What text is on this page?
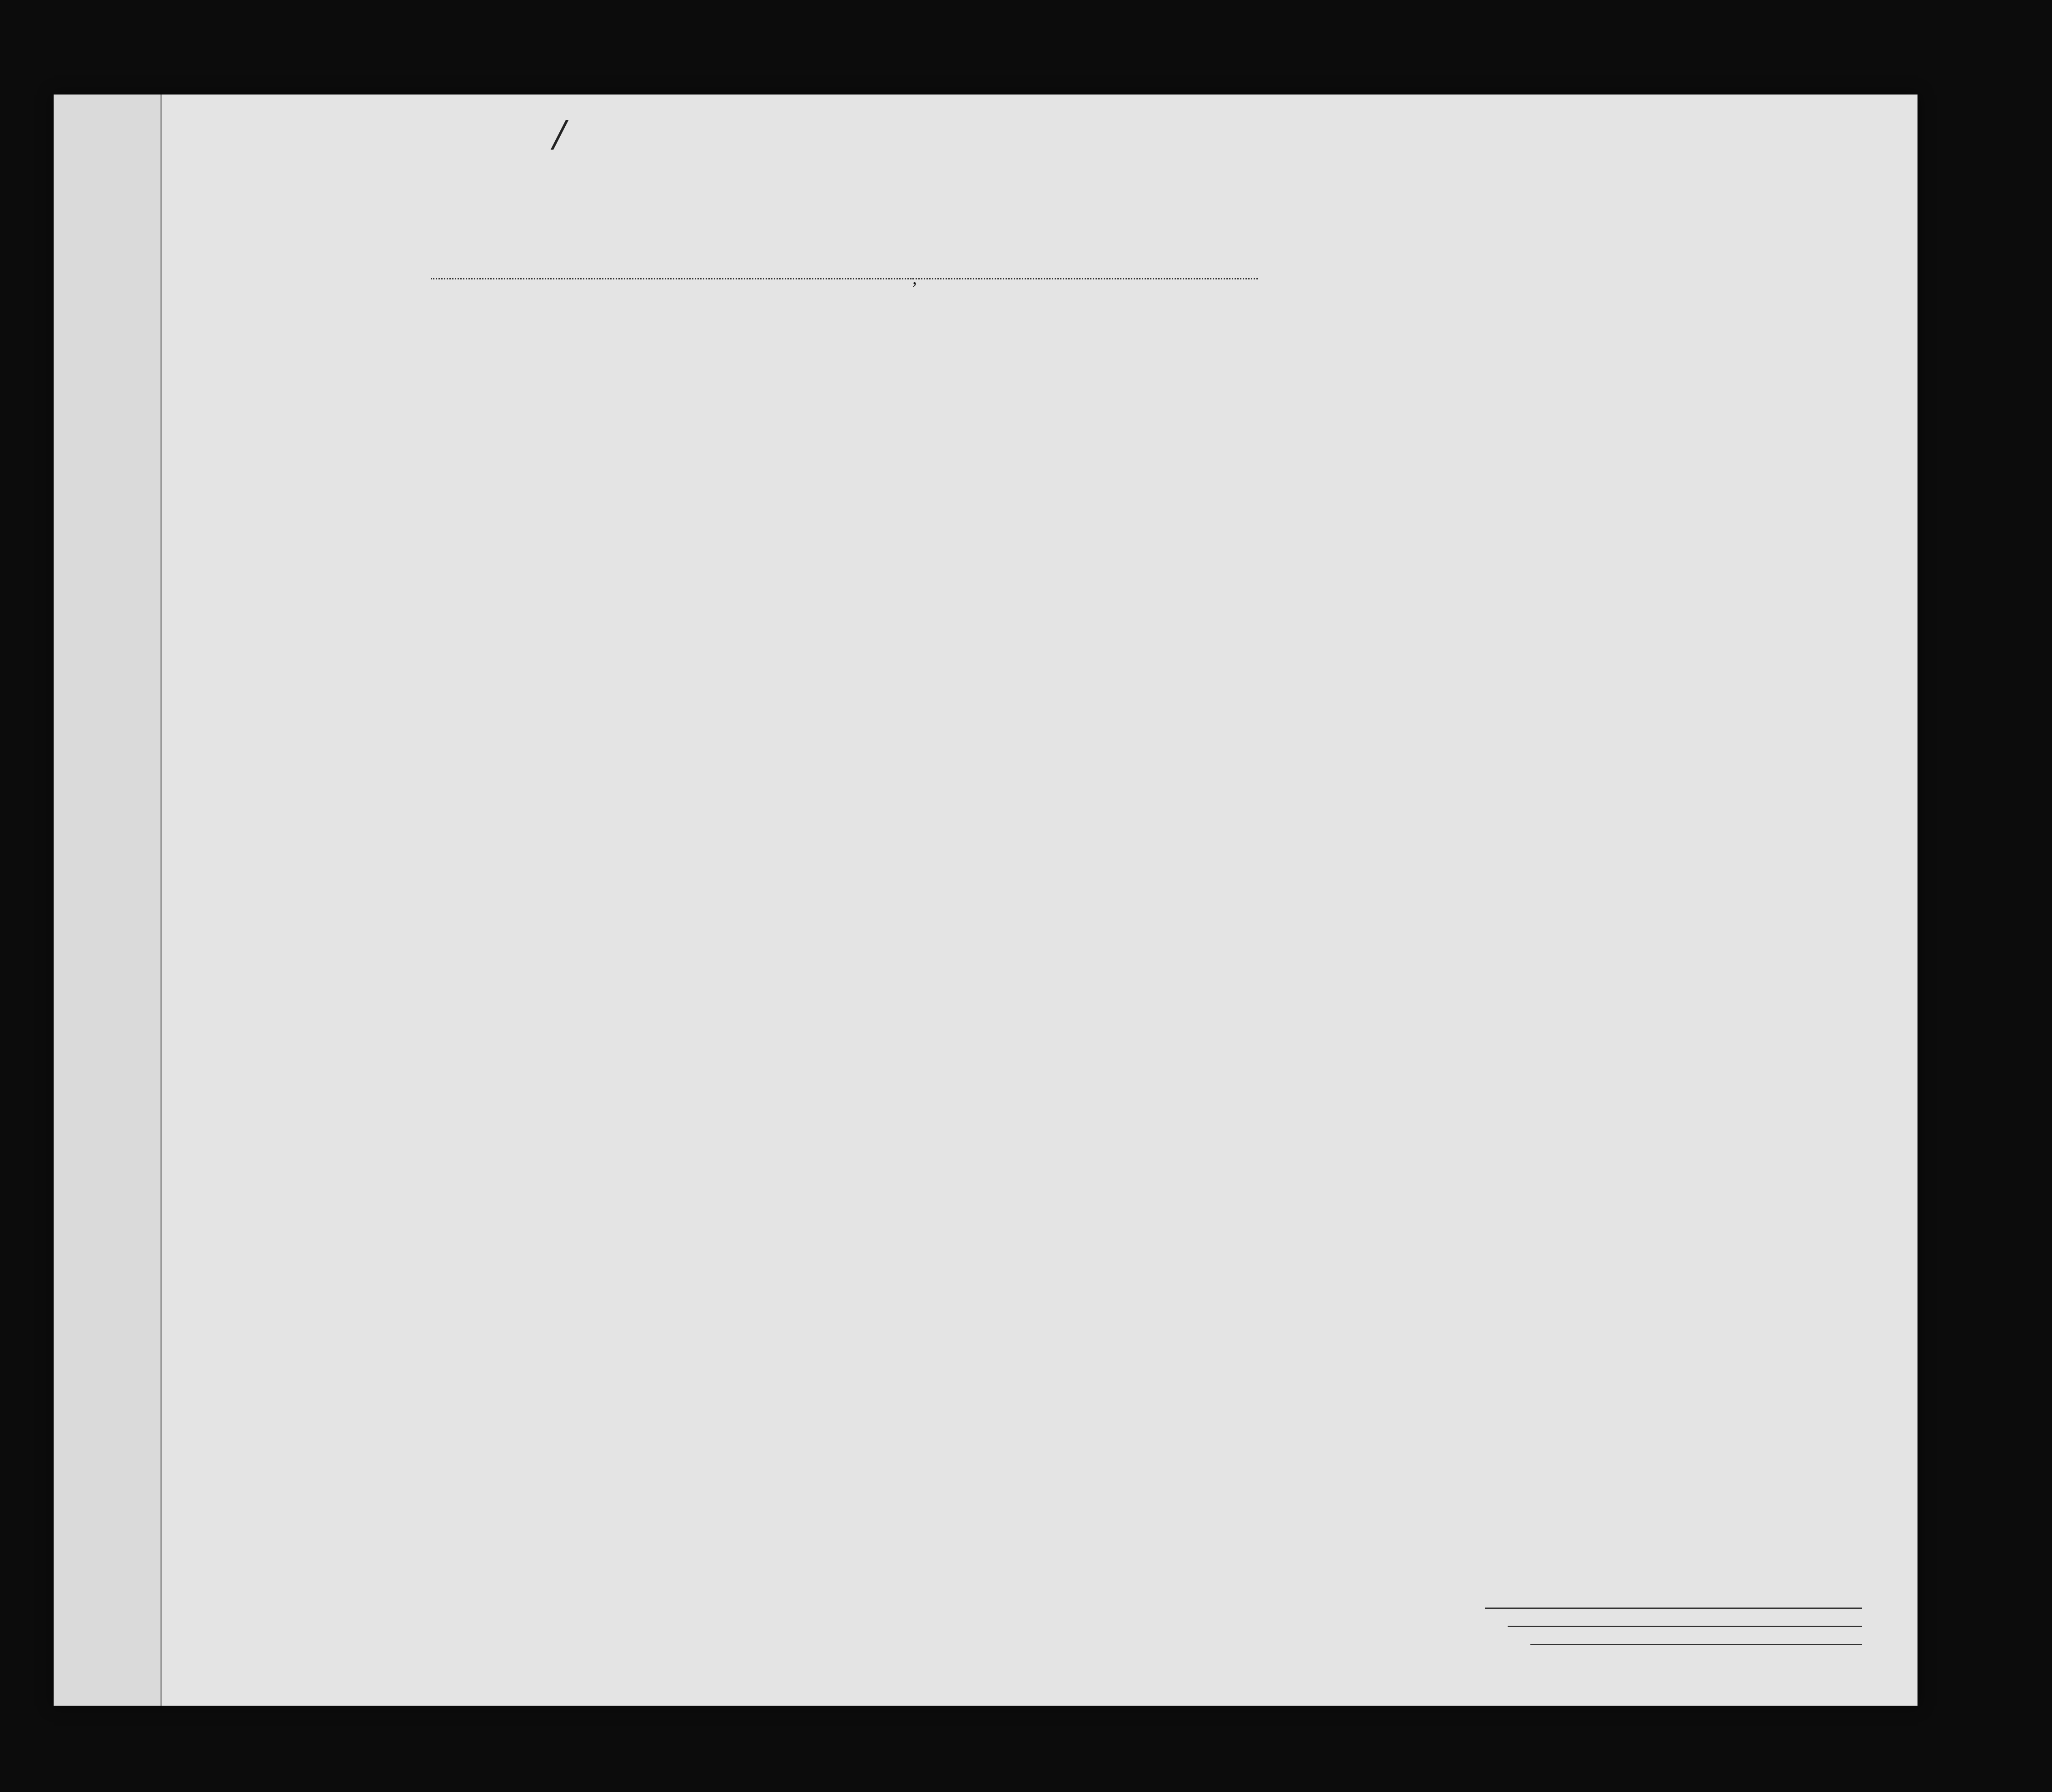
,
/
